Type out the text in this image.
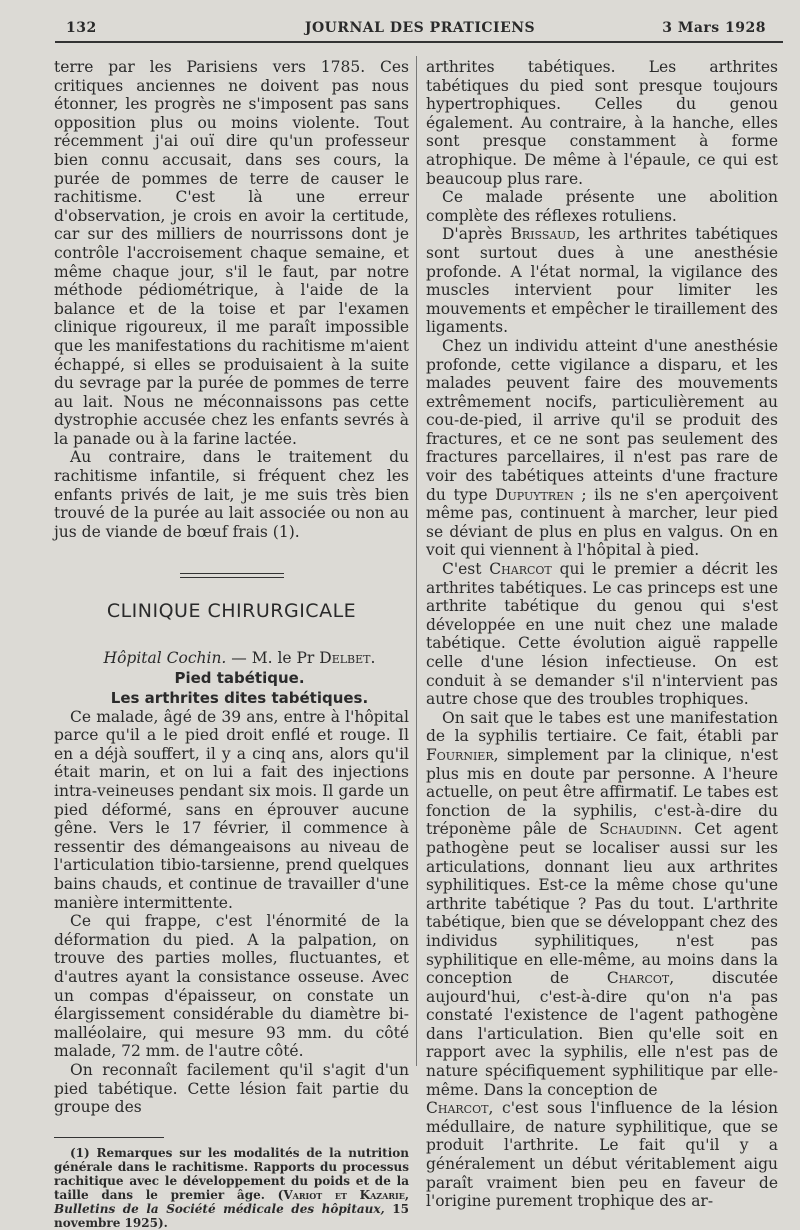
132	JOURNAL DES PRATICIENS	3 Mars 1928

terre par les Parisiens vers 1785. Ces critiques anciennes ne doivent pas nous étonner, les progrès ne s'imposent pas sans opposition plus ou moins violente. Tout récemment j'ai ouï dire qu'un professeur bien connu accusait, dans ses cours, la purée de pommes de terre de causer le rachitisme. C'est là une erreur d'observation, je crois en avoir la certitude, car sur des milliers de nourrissons dont je contrôle l'accroisement chaque semaine, et même chaque jour, s'il le faut, par notre méthode pédiométrique, à l'aide de la balance et de la toise et par l'examen clinique rigoureux, il me paraît impossible que les manifestations du rachitisme m'aient échappé, si elles se produisaient à la suite du sevrage par la purée de pommes de terre au lait. Nous ne méconnaissons pas cette dystrophie accusée chez les enfants sevrés à la panade ou à la farine lactée.

Au contraire, dans le traitement du rachitisme infantile, si fréquent chez les enfants privés de lait, je me suis très bien trouvé de la purée au lait associée ou non au jus de viande de bœuf frais (1).

CLINIQUE CHIRURGICALE

Hôpital Cochin. — M. le Pr Delbet.

Pied tabétique.

Les arthrites dites tabétiques.

Ce malade, âgé de 39 ans, entre à l'hôpital parce qu'il a le pied droit enflé et rouge. Il en a déjà souffert, il y a cinq ans, alors qu'il était marin, et on lui a fait des injections intra-veineuses pendant six mois. Il garde un pied déformé, sans en éprouver aucune gêne. Vers le 17 février, il commence à ressentir des démangeaisons au niveau de l'articulation tibio-tarsienne, prend quelques bains chauds, et continue de travailler d'une manière intermittente.

Ce qui frappe, c'est l'énormité de la déformation du pied. A la palpation, on trouve des parties molles, fluctuantes, et d'autres ayant la consistance osseuse. Avec un compas d'épaisseur, on constate un élargissement considérable du diamètre bi-malléolaire, qui mesure 93 mm. du côté malade, 72 mm. de l'autre côté.

On reconnaît facilement qu'il s'agit d'un pied tabétique. Cette lésion fait partie du groupe des

(1) Remarques sur les modalités de la nutrition générale dans le rachitisme. Rapports du processus rachitique avec le développement du poids et de la taille dans le premier âge. (Variot et Kazarie, Bulletins de la Société médicale des hôpitaux, 15 novembre 1925).

arthrites tabétiques. Les arthrites tabétiques du pied sont presque toujours hypertrophiques. Celles du genou également. Au contraire, à la hanche, elles sont presque constamment à forme atrophique. De même à l'épaule, ce qui est beaucoup plus rare.

Ce malade présente une abolition complète des réflexes rotuliens.

D'après Brissaud, les arthrites tabétiques sont surtout dues à une anesthésie profonde. A l'état normal, la vigilance des muscles intervient pour limiter les mouvements et empêcher le tiraillement des ligaments.

Chez un individu atteint d'une anesthésie profonde, cette vigilance a disparu, et les malades peuvent faire des mouvements extrêmement nocifs, particulièrement au cou-de-pied, il arrive qu'il se produit des fractures, et ce ne sont pas seulement des fractures parcellaires, il n'est pas rare de voir des tabétiques atteints d'une fracture du type Dupuytren ; ils ne s'en aperçoivent même pas, continuent à marcher, leur pied se déviant de plus en plus en valgus. On en voit qui viennent à l'hôpital à pied.

C'est Charcot qui le premier a décrit les arthrites tabétiques. Le cas princeps est une arthrite tabétique du genou qui s'est développée en une nuit chez une malade tabétique. Cette évolution aiguë rappelle celle d'une lésion infectieuse. On est conduit à se demander s'il n'intervient pas autre chose que des troubles trophiques.

On sait que le tabes est une manifestation de la syphilis tertiaire. Ce fait, établi par Fournier, simplement par la clinique, n'est plus mis en doute par personne. A l'heure actuelle, on peut être affirmatif. Le tabes est fonction de la syphilis, c'est-à-dire du tréponème pâle de Schaudinn. Cet agent pathogène peut se localiser aussi sur les articulations, donnant lieu aux arthrites syphilitiques. Est-ce la même chose qu'une arthrite tabétique ? Pas du tout. L'arthrite tabétique, bien que se développant chez des individus syphilitiques, n'est pas syphilitique en elle-même, au moins dans la conception de Charcot, discutée aujourd'hui, c'est-à-dire qu'on n'a pas constaté l'existence de l'agent pathogène dans l'articulation. Bien qu'elle soit en rapport avec la syphilis, elle n'est pas de nature spécifiquement syphilitique par elle-même. Dans la conception de
Charcot, c'est sous l'influence de la lésion médullaire, de nature syphilitique, que se produit l'arthrite. Le fait qu'il y a généralement un début véritablement aigu paraît vraiment bien peu en faveur de l'origine purement trophique des ar-
